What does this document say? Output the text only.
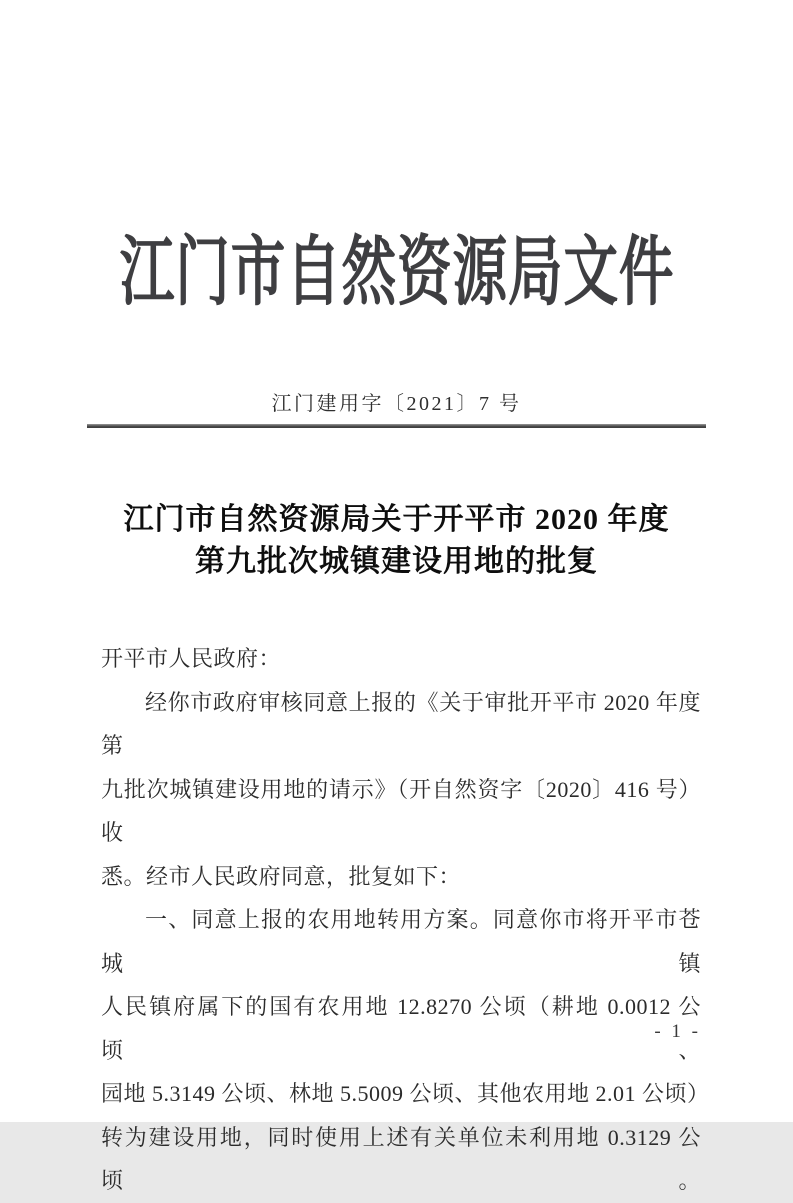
江门市自然资源局文件
江门建用字〔2021〕7 号
江门市自然资源局关于开平市 2020 年度
第九批次城镇建设用地的批复
开平市人民政府：
经你市政府审核同意上报的《关于审批开平市 2020 年度第
九批次城镇建设用地的请示》（开自然资字〔2020〕416 号）收
悉。经市人民政府同意，批复如下：
一、同意上报的农用地转用方案。同意你市将开平市苍城镇
人民镇府属下的国有农用地 12.8270 公顷（耕地 0.0012 公顷、
园地 5.3149 公顷、林地 5.5009 公顷、其他农用地 2.01 公顷）
转为建设用地，同时使用上述有关单位未利用地 0.3129 公顷。
- 1 -
